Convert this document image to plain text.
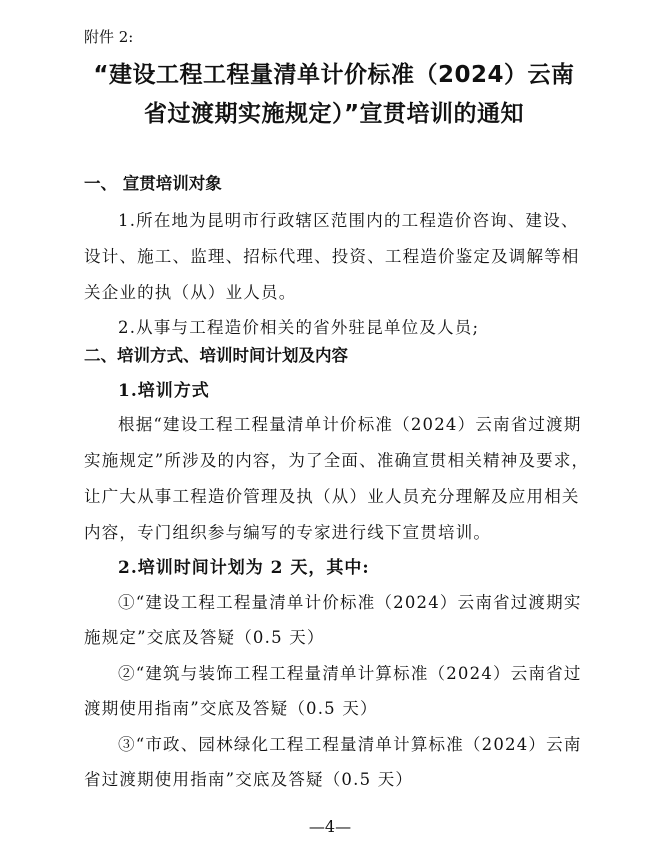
附件 2:
“建设工程工程量清单计价标准（2024）云南
省过渡期实施规定）”宣贯培训的通知
一、 宣贯培训对象
1.所在地为昆明市行政辖区范围内的工程造价咨询、建设、
设计、施工、监理、招标代理、投资、工程造价鉴定及调解等相
关企业的执（从）业人员。
2.从事与工程造价相关的省外驻昆单位及人员;
二、培训方式、培训时间计划及内容
1.培训方式
根据“建设工程工程量清单计价标准（2024）云南省过渡期
实施规定”所涉及的内容，为了全面、准确宣贯相关精神及要求，
让广大从事工程造价管理及执（从）业人员充分理解及应用相关
内容，专门组织参与编写的专家进行线下宣贯培训。
2.培训时间计划为 2 天，其中:
①“建设工程工程量清单计价标准（2024）云南省过渡期实
施规定”交底及答疑（0.5 天）
②“建筑与装饰工程工程量清单计算标准（2024）云南省过
渡期使用指南”交底及答疑（0.5 天）
③“市政、园林绿化工程工程量清单计算标准（2024）云南
省过渡期使用指南”交底及答疑（0.5 天）
—4—
